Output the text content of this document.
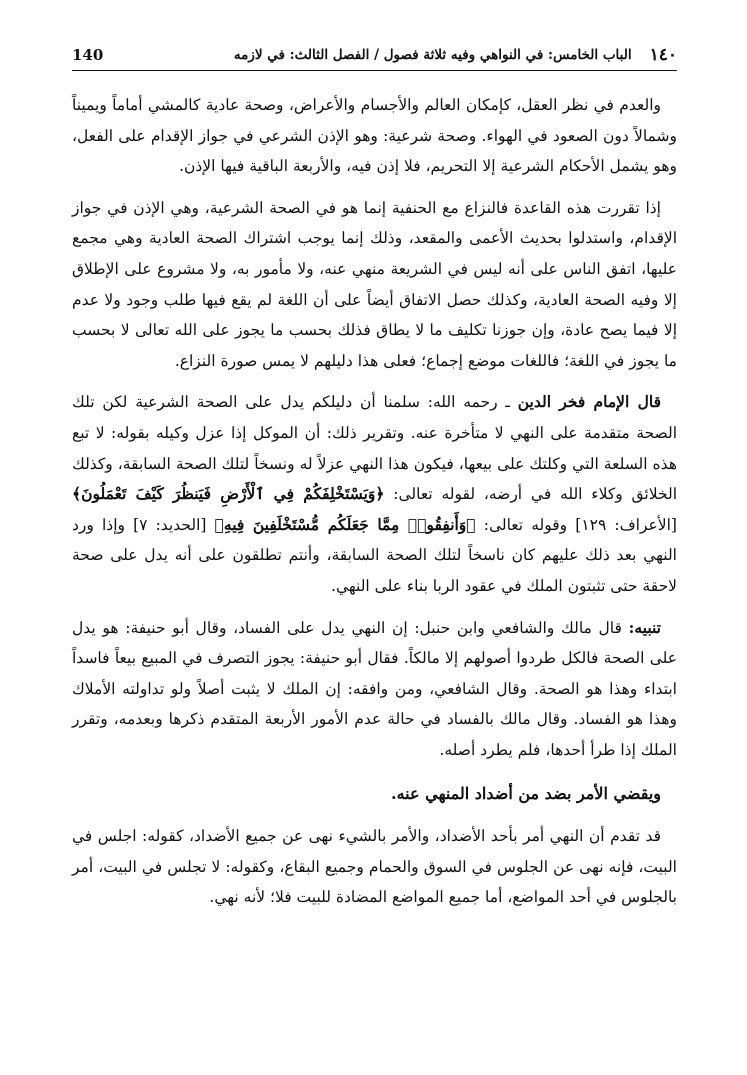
140	١٤٠
الباب الخامس: في النواهي وفيه ثلاثة فصول / الفصل الثالث: في لازمه

والعدم في نظر العقل، كإمكان العالم والأجسام والأعراض، وصحة عادية كالمشي أماماً ويميناً وشمالاً دون الصعود في الهواء. وصحة شرعية: وهو الإذن الشرعي في جواز الإقدام على الفعل، وهو يشمل الأحكام الشرعية إلا التحريم، فلا إذن فيه، والأربعة الباقية فيها الإذن.

إذا تقررت هذه القاعدة فالنزاع مع الحنفية إنما هو في الصحة الشرعية، وهي الإذن في جواز الإقدام، واستدلوا بحديث الأعمى والمقعد، وذلك إنما يوجب اشتراك الصحة العادية وهي مجمع عليها، اتفق الناس على أنه ليس في الشريعة منهي عنه، ولا مأمور به، ولا مشروع على الإطلاق إلا وفيه الصحة العادية، وكذلك حصل الاتفاق أيضاً على أن اللغة لم يقع فيها طلب وجود ولا عدم إلا فيما يصح عادة، وإن جوزنا تكليف ما لا يطاق فذلك بحسب ما يجوز على الله تعالى لا بحسب ما يجوز في اللغة؛ فاللغات موضع إجماع؛ فعلى هذا دليلهم لا يمس صورة النزاع.

قال الإمام فخر الدين ـ رحمه الله: سلمنا أن دليلكم يدل على الصحة الشرعية لكن تلك الصحة متقدمة على النهي لا متأخرة عنه. وتقرير ذلك: أن الموكل إذا عزل وكيله بقوله: لا تبع هذه السلعة التي وكلتك على بيعها، فيكون هذا النهي عزلاً له ونسخاً لتلك الصحة السابقة، وكذلك الخلائق وكلاء الله في أرضه، لقوله تعالى: ﴿وَيَسْتَخْلِفَكُمْ فِي ٱلْأَرْضِ فَيَنظُرَ كَيْفَ تَعْمَلُونَ﴾ [الأعراف: ١٢٩] وقوله تعالى: ﴿وَأَنفِقُوا۟ مِمَّا جَعَلَكُم مُّسْتَخْلَفِينَ فِيهِ﴾ [الحديد: ٧] وإذا ورد النهي بعد ذلك عليهم كان ناسخاً لتلك الصحة السابقة، وأنتم تطلقون على أنه يدل على صحة لاحقة حتى تثبتون الملك في عقود الربا بناء على النهي.

تنبيه: قال مالك والشافعي وابن حنبل: إن النهي يدل على الفساد، وقال أبو حنيفة: هو يدل على الصحة فالكل طردوا أصولهم إلا مالكاً. فقال أبو حنيفة: يجوز التصرف في المبيع بيعاً فاسداً ابتداء وهذا هو الصحة. وقال الشافعي، ومن وافقه: إن الملك لا يثبت أصلاً ولو تداولته الأملاك وهذا هو الفساد. وقال مالك بالفساد في حالة عدم الأمور الأربعة المتقدم ذكرها وبعدمه، وتقرر الملك إذا طرأ أحدها، فلم يطرد أصله.

ويقضي الأمر بضد من أضداد المنهي عنه.

قد تقدم أن النهي أمر بأحد الأضداد، والأمر بالشيء نهى عن جميع الأضداد، كقوله: اجلس في البيت، فإنه نهى عن الجلوس في السوق والحمام وجميع البقاع، وكقوله: لا تجلس في البيت، أمر بالجلوس في أحد المواضع، أما جميع المواضع المضادة للبيت فلا؛ لأنه نهي.
